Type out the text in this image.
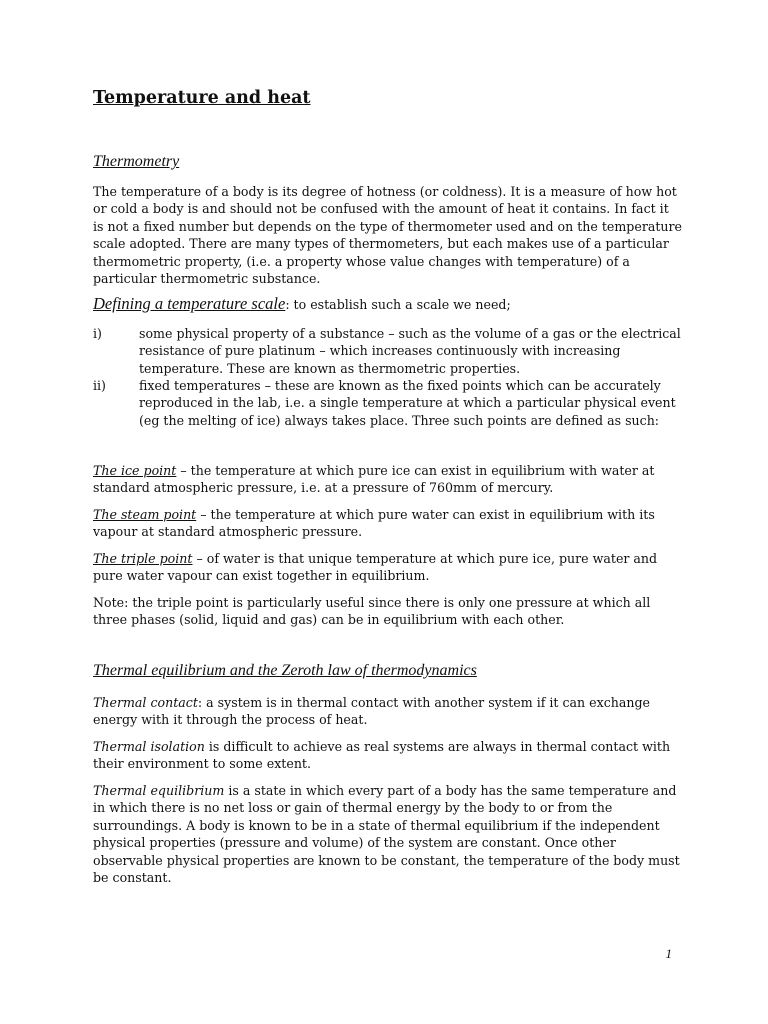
Temperature and heat
Thermometry

The temperature of a body is its degree of hotness (or coldness). It is a measure of how hot or cold a body is and should not be confused with the amount of heat it contains. In fact it is not a fixed number but depends on the type of thermometer used and on the temperature scale adopted. There are many types of thermometers, but each makes use of a particular thermometric property, (i.e. a property whose value changes with temperature) of a particular thermometric substance.

Defining a temperature scale: to establish such a scale we need;

i)	some physical property of a substance – such as the volume of a gas or the electrical resistance of pure platinum – which increases continuously with increasing temperature. These are known as thermometric properties.
ii)	fixed temperatures – these are known as the fixed points which can be accurately reproduced in the lab, i.e. a single temperature at which a particular physical event (eg the melting of ice) always takes place. Three such points are defined as such:

The ice point – the temperature at which pure ice can exist in equilibrium with water at standard atmospheric pressure, i.e. at a pressure of 760mm of mercury.

The steam point – the temperature at which pure water can exist in equilibrium with its vapour at standard atmospheric pressure.

The triple point – of water is that unique temperature at which pure ice, pure water and pure water vapour can exist together in equilibrium.

Note: the triple point is particularly useful since there is only one pressure at which all three phases (solid, liquid and gas) can be in equilibrium with each other.

Thermal equilibrium and the Zeroth law of thermodynamics

Thermal contact: a system is in thermal contact with another system if it can exchange energy with it through the process of heat.

Thermal isolation is difficult to achieve as real systems are always in thermal contact with their environment to some extent.

Thermal equilibrium is a state in which every part of a body has the same temperature and in which there is no net loss or gain of thermal energy by the body to or from the surroundings. A body is known to be in a state of thermal equilibrium if the independent physical properties (pressure and volume) of the system are constant. Once other observable physical properties are known to be constant, the temperature of the body must be constant.

1
